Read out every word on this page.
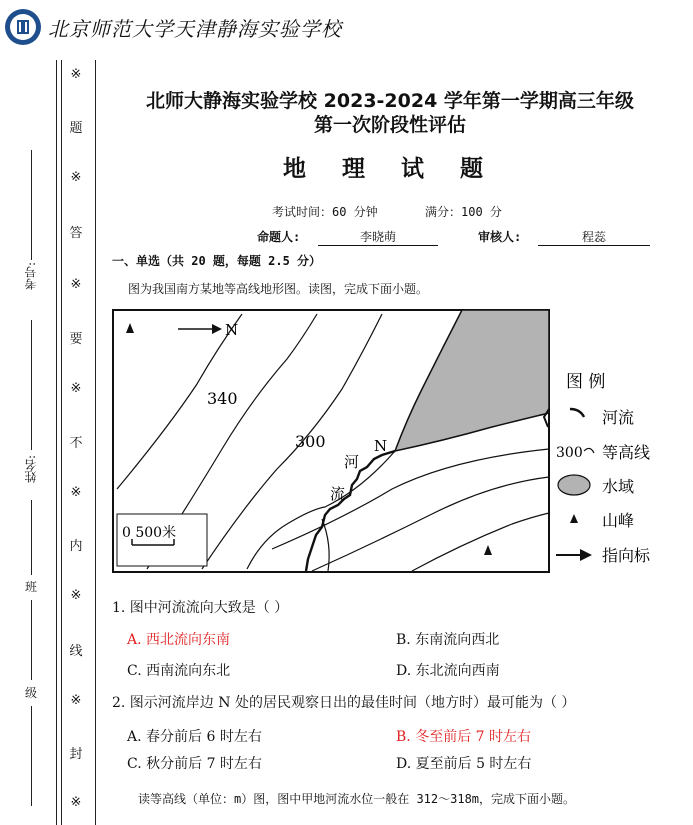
北京师范大学天津静海实验学校
※
题
※
答
※
要
※
不
※
内
※
线
※
封
※
考号:
姓名:
班
级
北师大静海实验学校 2023-2024 学年第一学期高三年级
第一次阶段性评估
地 理 试 题
考试时间：60 分钟	满分：100 分
命题人:	李晓萌	审核人:	程蕊
一、单选（共 20 题，每题 2.5 分）
图为我国南方某地等高线地形图。读图，完成下面小题。
N
340
300	N
河
流
0 500米
图 例
河流
300 等高线
水域
山峰
指向标
1. 图中河流流向大致是（ ）
A. 西北流向东南	B. 东南流向西北
C. 西南流向东北	D. 东北流向西南
2. 图示河流岸边 N 处的居民观察日出的最佳时间（地方时）最可能为（ ）
A. 春分前后 6 时左右	B. 冬至前后 7 时左右
C. 秋分前后 7 时左右	D. 夏至前后 5 时左右
读等高线（单位：m）图，图中甲地河流水位一般在 312～318m，完成下面小题。
